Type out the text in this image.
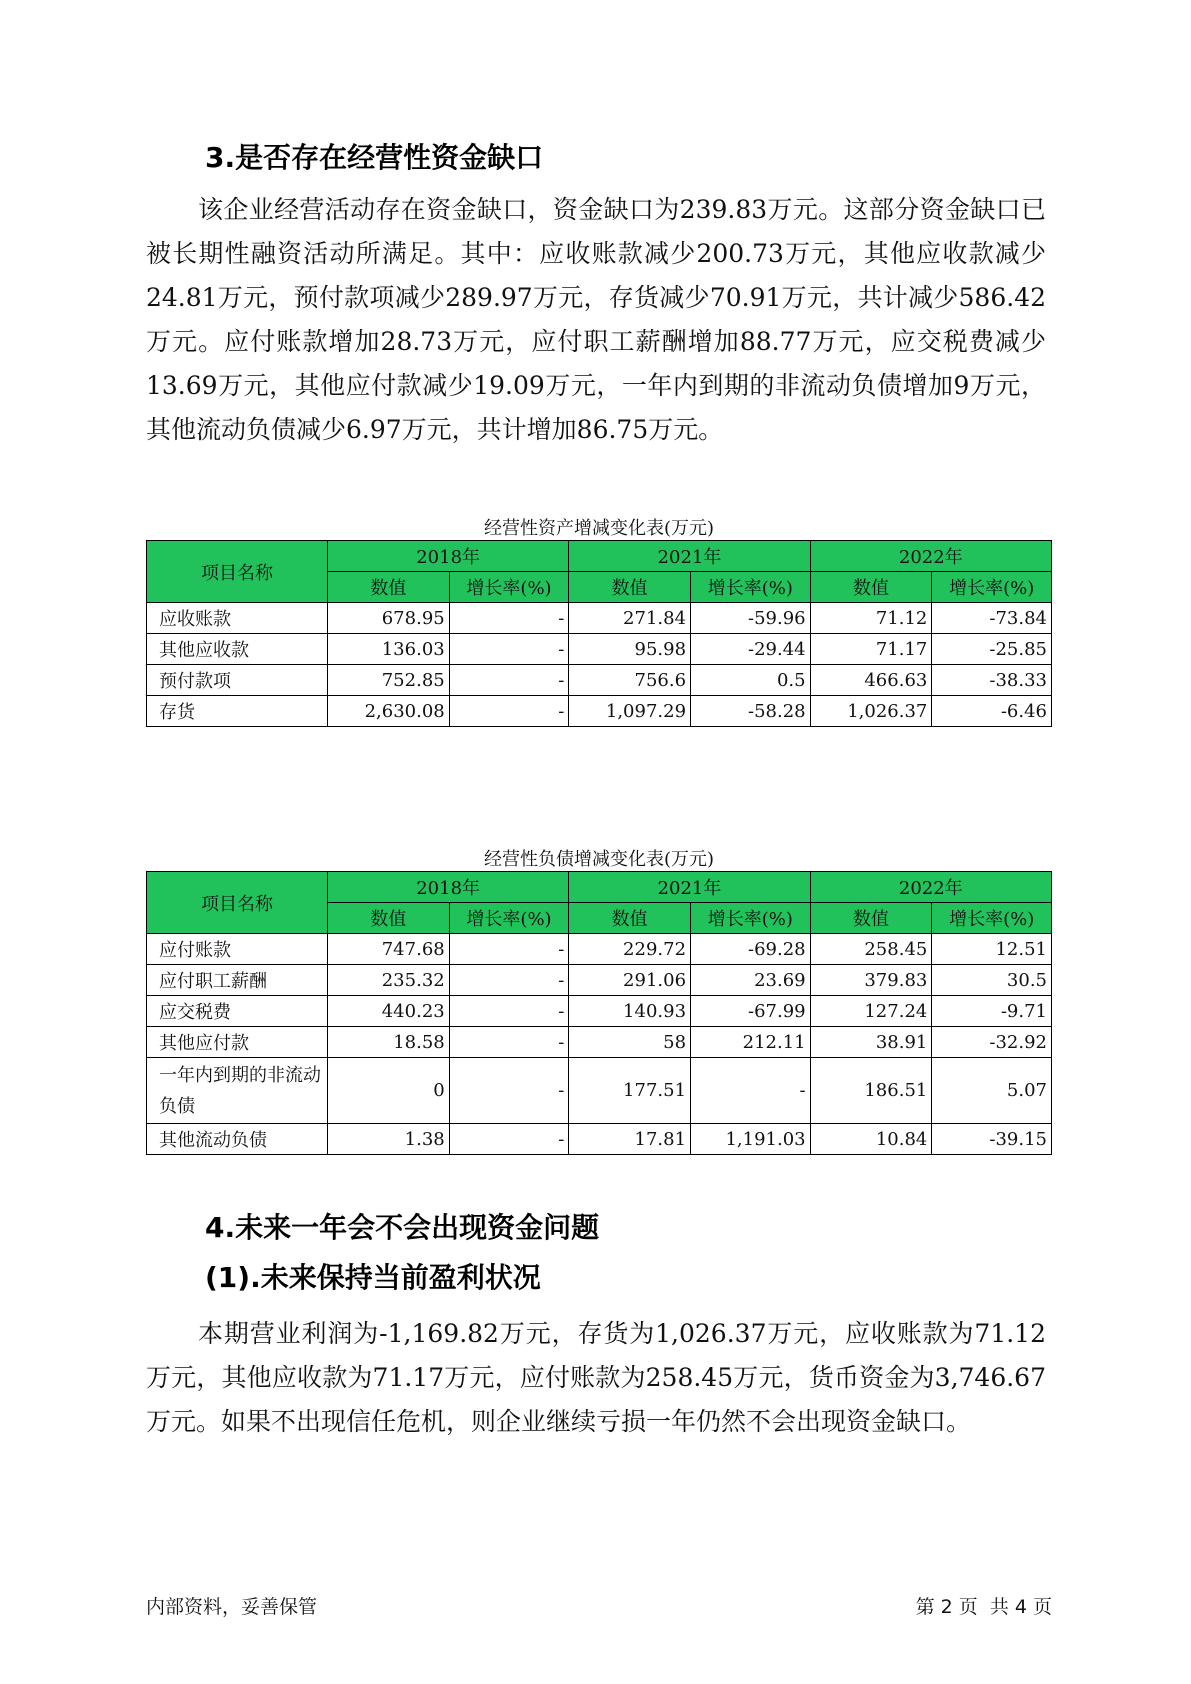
3.是否存在经营性资金缺口

该企业经营活动存在资金缺口，资金缺口为239.83万元。这部分资金缺口已被长期性融资活动所满足。其中：应收账款减少200.73万元，其他应收款减少24.81万元，预付款项减少289.97万元，存货减少70.91万元，共计减少586.42万元。应付账款增加28.73万元，应付职工薪酬增加88.77万元，应交税费减少13.69万元，其他应付款减少19.09万元，一年内到期的非流动负债增加9万元，其他流动负债减少6.97万元，共计增加86.75万元。

经营性资产增减变化表(万元)
项目名称	2018年		2021年		2022年	
	数值	增长率(%)	数值	增长率(%)	数值	增长率(%)
应收账款	678.95	-	271.84	-59.96	71.12	-73.84
其他应收款	136.03	-	95.98	-29.44	71.17	-25.85
预付款项	752.85	-	756.6	0.5	466.63	-38.33
存货	2,630.08	-	1,097.29	-58.28	1,026.37	-6.46
经营性负债增减变化表(万元)
项目名称	2018年		2021年		2022年	
	数值	增长率(%)	数值	增长率(%)	数值	增长率(%)
应付账款	747.68	-	229.72	-69.28	258.45	12.51
应付职工薪酬	235.32	-	291.06	23.69	379.83	30.5
应交税费	440.23	-	140.93	-67.99	127.24	-9.71
其他应付款	18.58	-	58	212.11	38.91	-32.92
一年内到期的非流动负债	0	-	177.51	-	186.51	5.07
其他流动负债	1.38	-	17.81	1,191.03	10.84	-39.15
4.未来一年会不会出现资金问题
(1).未来保持当前盈利状况

本期营业利润为-1,169.82万元，存货为1,026.37万元，应收账款为71.12万元，其他应收款为71.17万元，应付账款为258.45万元，货币资金为3,746.67万元。如果不出现信任危机，则企业继续亏损一年仍然不会出现资金缺口。

内部资料，妥善保管	第 2 页  共 4 页
